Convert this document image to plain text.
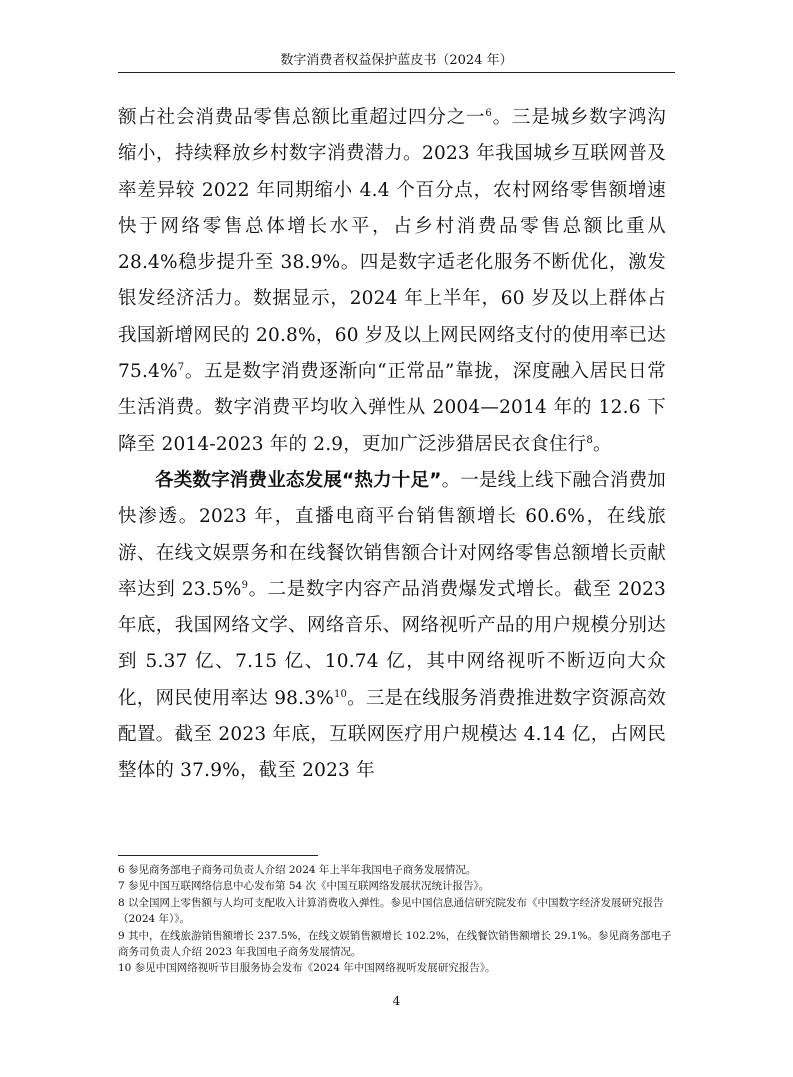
数字消费者权益保护蓝皮书（2024 年）

额占社会消费品零售总额比重超过四分之一$^6$。三是城乡数字鸿沟缩小，持续释放乡村数字消费潜力。2023 年我国城乡互联网普及率差异较 2022 年同期缩小 4.4 个百分点，农村网络零售额增速快于网络零售总体增长水平，占乡村消费品零售总额比重从 28.4%稳步提升至 38.9%。四是数字适老化服务不断优化，激发银发经济活力。数据显示，2024 年上半年，60 岁及以上群体占我国新增网民的 20.8%，60 岁及以上网民网络支付的使用率已达 75.4%$^7$。五是数字消费逐渐向“正常品”靠拢，深度融入居民日常生活消费。数字消费平均收入弹性从 2004—2014 年的 12.6 下降至 2014-2023 年的 2.9，更加广泛涉猎居民衣食住行$^8$。

各类数字消费业态发展“热力十足”。一是线上线下融合消费加快渗透。2023 年，直播电商平台销售额增长 60.6%，在线旅游、在线文娱票务和在线餐饮销售额合计对网络零售总额增长贡献率达到 23.5%$^9$。二是数字内容产品消费爆发式增长。截至 2023 年底，我国网络文学、网络音乐、网络视听产品的用户规模分别达到 5.37 亿、7.15 亿、10.74 亿，其中网络视听不断迈向大众化，网民使用率达 98.3%$^{10}$。三是在线服务消费推进数字资源高效配置。截至 2023 年底，互联网医疗用户规模达 4.14 亿，占网民整体的 37.9%，截至 2023 年

6 参见商务部电子商务司负责人介绍 2024 年上半年我国电子商务发展情况。

7 参见中国互联网络信息中心发布第 54 次《中国互联网络发展状况统计报告》。

8 以全国网上零售额与人均可支配收入计算消费收入弹性。参见中国信息通信研究院发布《中国数字经济发展研究报告（2024 年）》。

9 其中，在线旅游销售额增长 237.5%，在线文娱销售额增长 102.2%，在线餐饮销售额增长 29.1%。参见商务部电子商务司负责人介绍 2023 年我国电子商务发展情况。

10 参见中国网络视听节目服务协会发布《2024 年中国网络视听发展研究报告》。

4
